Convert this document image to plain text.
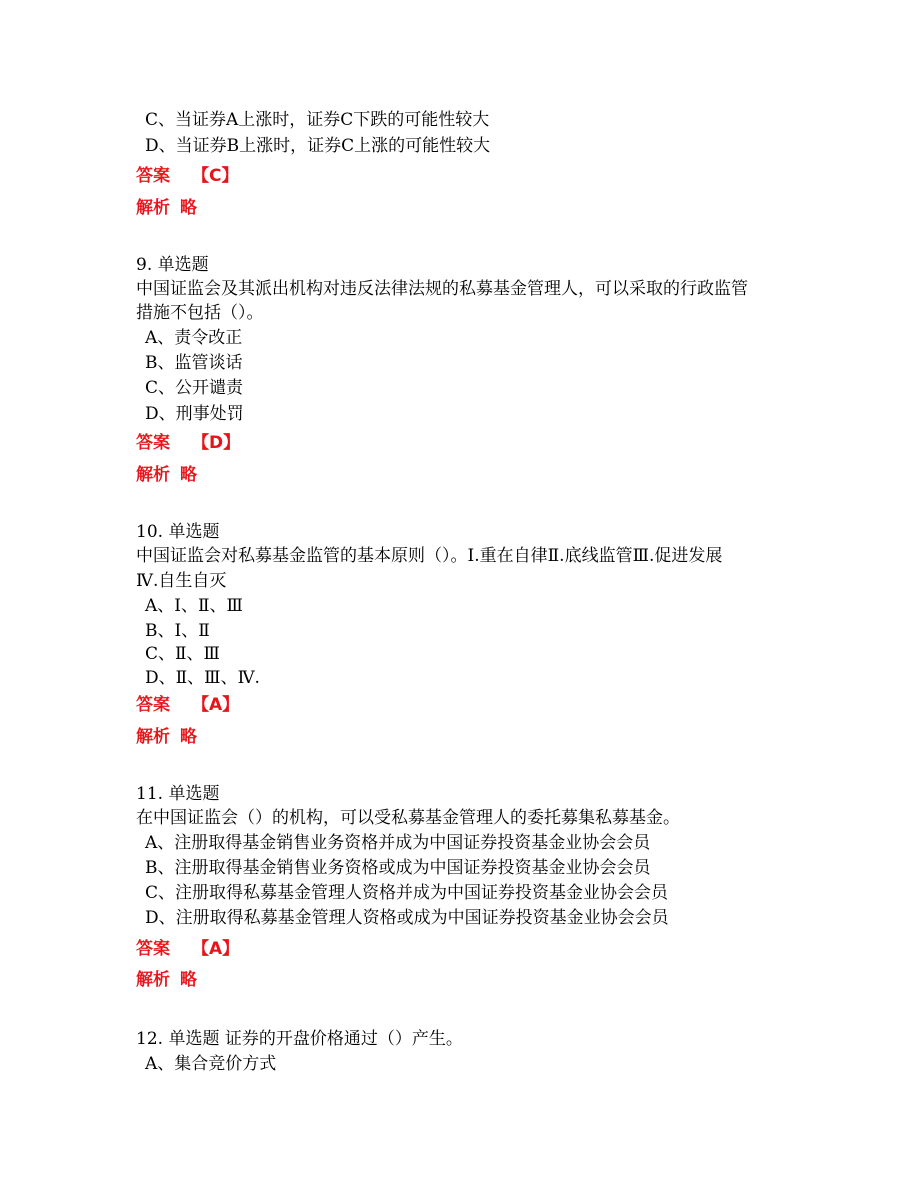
C、当证券A上涨时，证券C下跌的可能性较大
D、当证券B上涨时，证券C上涨的可能性较大
答案 【C】
解析 略
9. 单选题
中国证监会及其派出机构对违反法律法规的私募基金管理人，可以采取的行政监管
措施不包括（）。
A、责令改正
B、监管谈话
C、公开谴责
D、刑事处罚
答案 【D】
解析 略
10. 单选题
中国证监会对私募基金监管的基本原则（）。Ⅰ.重在自律Ⅱ.底线监管Ⅲ.促进发展
Ⅳ.自生自灭
A、Ⅰ、Ⅱ、Ⅲ
B、Ⅰ、Ⅱ
C、Ⅱ、Ⅲ
D、Ⅱ、Ⅲ、Ⅳ.
答案 【A】
解析 略
11. 单选题
在中国证监会（）的机构，可以受私募基金管理人的委托募集私募基金。
A、注册取得基金销售业务资格并成为中国证券投资基金业协会会员
B、注册取得基金销售业务资格或成为中国证券投资基金业协会会员
C、注册取得私募基金管理人资格并成为中国证券投资基金业协会会员
D、注册取得私募基金管理人资格或成为中国证券投资基金业协会会员
答案 【A】
解析 略
12. 单选题 证券的开盘价格通过（）产生。
A、集合竞价方式
